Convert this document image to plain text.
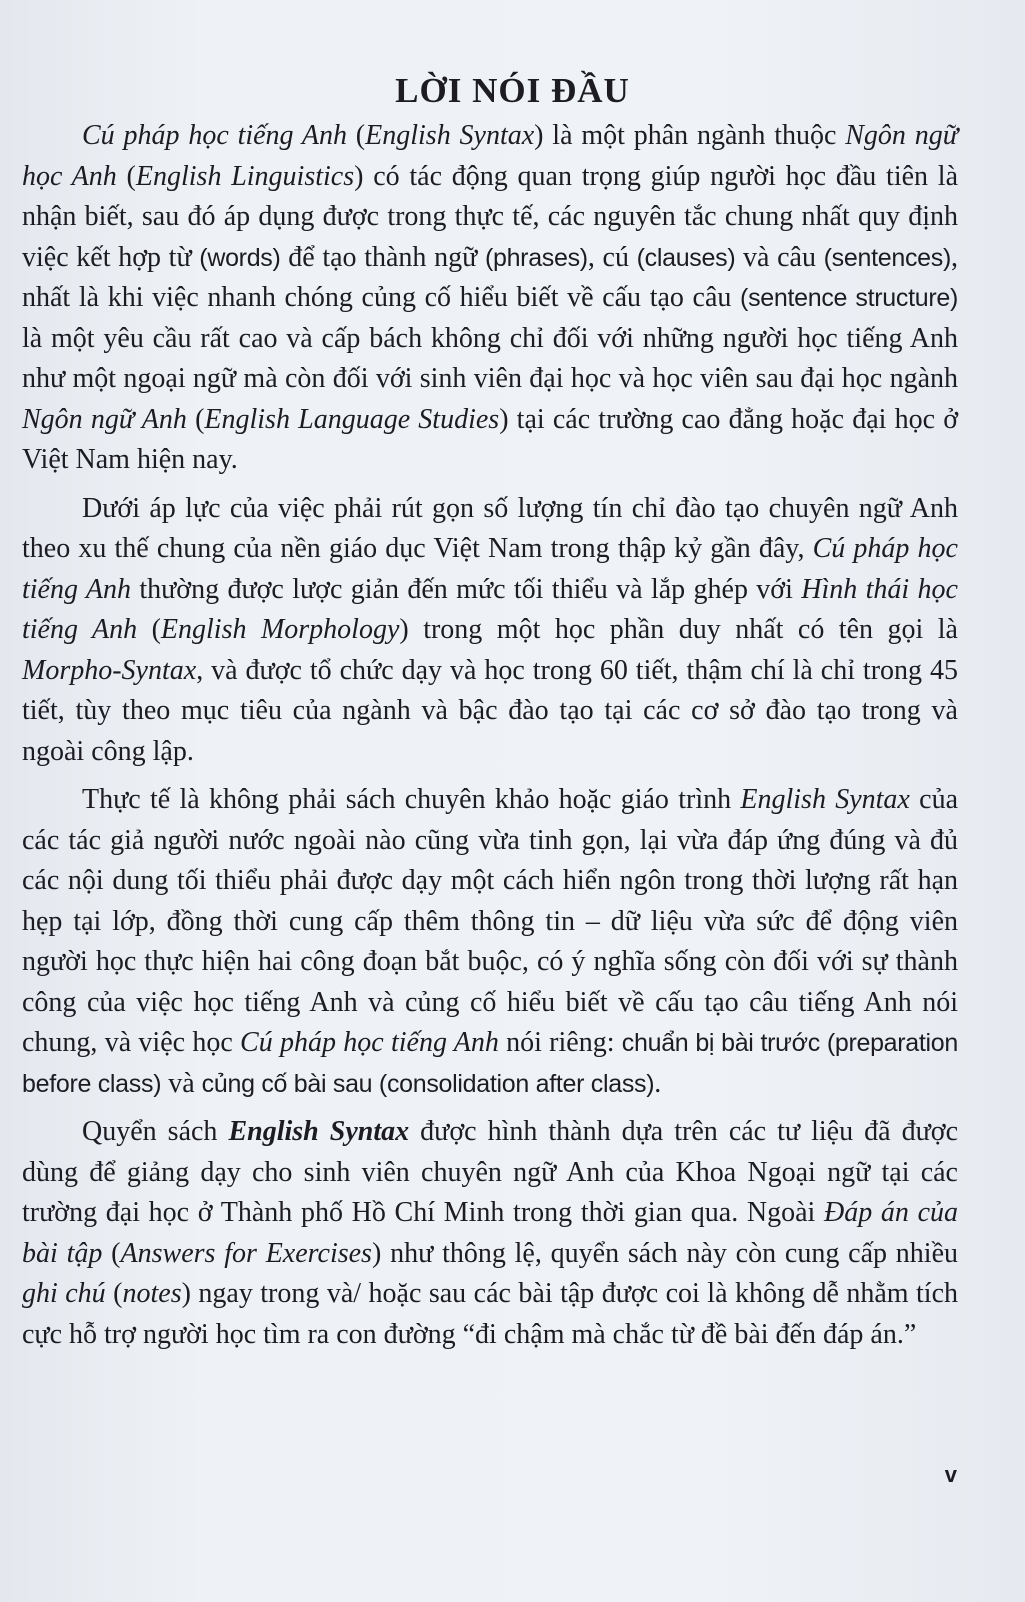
LỜI NÓI ĐẦU

Cú pháp học tiếng Anh (English Syntax) là một phân ngành thuộc Ngôn ngữ học Anh (English Linguistics) có tác động quan trọng giúp người học đầu tiên là nhận biết, sau đó áp dụng được trong thực tế, các nguyên tắc chung nhất quy định việc kết hợp từ (words) để tạo thành ngữ (phrases), cú (clauses) và câu (sentences), nhất là khi việc nhanh chóng củng cố hiểu biết về cấu tạo câu (sentence structure) là một yêu cầu rất cao và cấp bách không chỉ đối với những người học tiếng Anh như một ngoại ngữ mà còn đối với sinh viên đại học và học viên sau đại học ngành Ngôn ngữ Anh (English Language Studies) tại các trường cao đẳng hoặc đại học ở Việt Nam hiện nay.

Dưới áp lực của việc phải rút gọn số lượng tín chỉ đào tạo chuyên ngữ Anh theo xu thế chung của nền giáo dục Việt Nam trong thập kỷ gần đây, Cú pháp học tiếng Anh thường được lược giản đến mức tối thiểu và lắp ghép với Hình thái học tiếng Anh (English Morphology) trong một học phần duy nhất có tên gọi là Morpho-Syntax, và được tổ chức dạy và học trong 60 tiết, thậm chí là chỉ trong 45 tiết, tùy theo mục tiêu của ngành và bậc đào tạo tại các cơ sở đào tạo trong và ngoài công lập.

Thực tế là không phải sách chuyên khảo hoặc giáo trình English Syntax của các tác giả người nước ngoài nào cũng vừa tinh gọn, lại vừa đáp ứng đúng và đủ các nội dung tối thiểu phải được dạy một cách hiển ngôn trong thời lượng rất hạn hẹp tại lớp, đồng thời cung cấp thêm thông tin – dữ liệu vừa sức để động viên người học thực hiện hai công đoạn bắt buộc, có ý nghĩa sống còn đối với sự thành công của việc học tiếng Anh và củng cố hiểu biết về cấu tạo câu tiếng Anh nói chung, và việc học Cú pháp học tiếng Anh nói riêng: chuẩn bị bài trước (preparation before class) và củng cố bài sau (consolidation after class).

Quyển sách English Syntax được hình thành dựa trên các tư liệu đã được dùng để giảng dạy cho sinh viên chuyên ngữ Anh của Khoa Ngoại ngữ tại các trường đại học ở Thành phố Hồ Chí Minh trong thời gian qua. Ngoài Đáp án của bài tập (Answers for Exercises) như thông lệ, quyển sách này còn cung cấp nhiều ghi chú (notes) ngay trong và/ hoặc sau các bài tập được coi là không dễ nhằm tích cực hỗ trợ người học tìm ra con đường “đi chậm mà chắc từ đề bài đến đáp án.”

v
